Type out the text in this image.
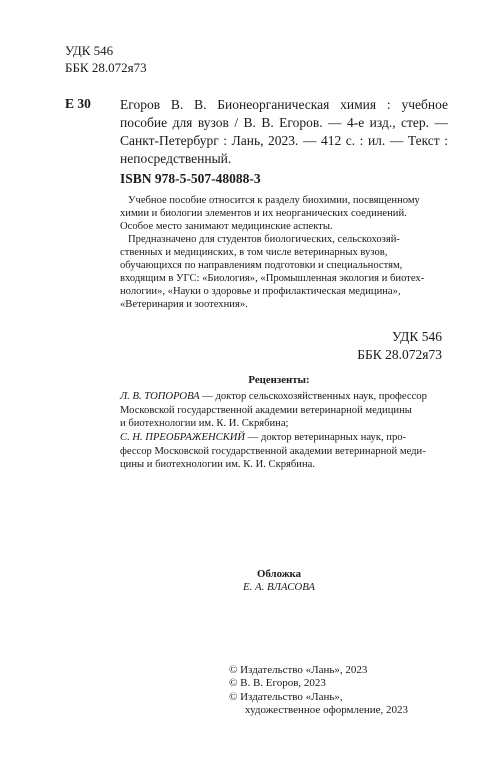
УДК 546
ББК 28.072я73
Е 30 Егоров В. В. Бионеорганическая химия : учебное пособие для вузов / В. В. Егоров. — 4-е изд., стер. — Санкт-Петербург : Лань, 2023. — 412 с. : ил. — Текст : непосредственный.
ISBN 978-5-507-48088-3
Учебное пособие относится к разделу биохимии, посвященному
химии и биологии элементов и их неорганических соединений.
Особое место занимают медицинские аспекты.
Предназначено для студентов биологических, сельскохозяй-
ственных и медицинских, в том числе ветеринарных вузов,
обучающихся по направлениям подготовки и специальностям,
входящим в УГС: «Биология», «Промышленная экология и биотех-
нологии», «Науки о здоровье и профилактическая медицина»,
«Ветеринария и зоотехния».
УДК 546
ББК 28.072я73
Рецензенты:
Л. В. ТОПОРОВА — доктор сельскохозяйственных наук, профессор
Московской государственной академии ветеринарной медицины
и биотехнологии им. К. И. Скрябина;
С. Н. ПРЕОБРАЖЕНСКИЙ — доктор ветеринарных наук, про-
фессор Московской государственной академии ветеринарной меди-
цины и биотехнологии им. К. И. Скрябина.
Обложка
Е. А. ВЛАСОВА
© Издательство «Лань», 2023
© В. В. Егоров, 2023
© Издательство «Лань»,
художественное оформление, 2023
